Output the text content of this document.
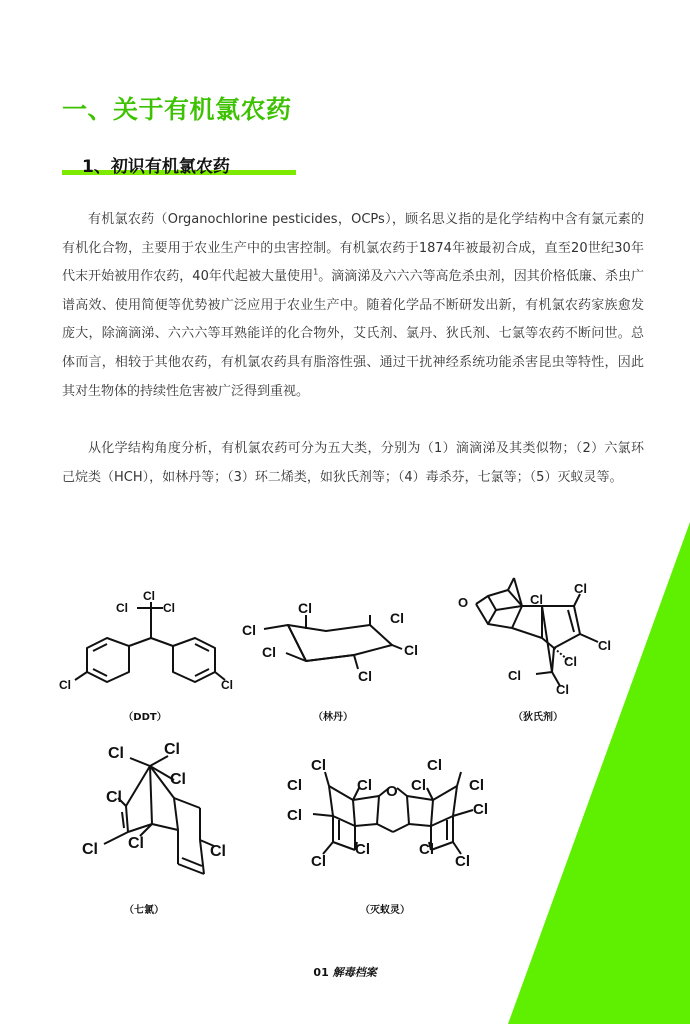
一、关于有机氯农药
1、初识有机氯农药

有机氯农药（Organochlorine pesticides，OCPs），顾名思义指的是化学结构中含有氯元素的有机化合物，主要用于农业生产中的虫害控制。有机氯农药于1874年被最初合成，直至20世纪30年代末开始被用作农药，40年代起被大量使用$^1$。滴滴涕及六六六等高危杀虫剂，因其价格低廉、杀虫广谱高效、使用简便等优势被广泛应用于农业生产中。随着化学品不断研发出新，有机氯农药家族愈发庞大，除滴滴涕、六六六等耳熟能详的化合物外，艾氏剂、氯丹、狄氏剂、七氯等农药不断问世。总体而言，相较于其他农药，有机氯农药具有脂溶性强、通过干扰神经系统功能杀害昆虫等特性，因此其对生物体的持续性危害被广泛得到重视。

从化学结构角度分析，有机氯农药可分为五大类，分别为（1）滴滴涕及其类似物；（2）六氯环己烷类（HCH），如林丹等；（3）环二烯类，如狄氏剂等；（4）毒杀芬，七氯等；（5）灭蚁灵等。

Cl
Cl
Cl
Cl	Cl
（DDT）
Cl
Cl
Cl
Cl	Cl
Cl
（林丹）
O	Cl
Cl
Cl
Cl
Cl
Cl
（狄氏剂）
Cl	Cl
Cl
Cl
Cl Cl	Cl
（七氯）
O
Cl
Cl	Cl
Cl
Cl
Cl
Cl
Cl
Cl
Cl
Cl
Cl
（灭蚁灵）
01 解毒档案
